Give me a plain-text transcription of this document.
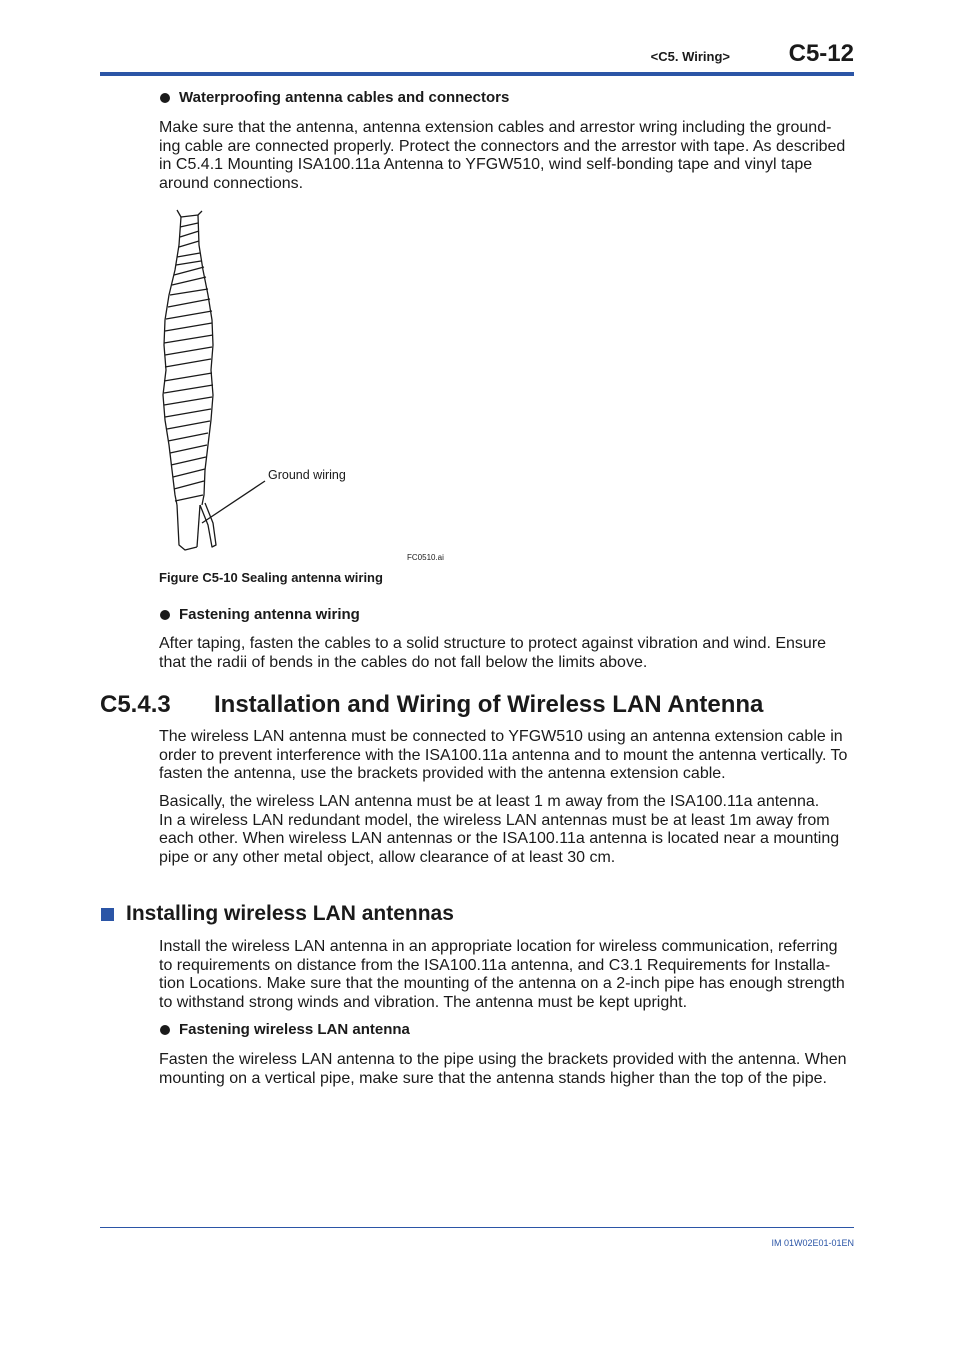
<C5. Wiring> C5-12
Waterproofing antenna cables and connectors
Make sure that the antenna, antenna extension cables and arrestor wring including the ground-
ing cable are connected properly. Protect the connectors and the arrestor with tape. As described
in C5.4.1 Mounting ISA100.11a Antenna to YFGW510, wind self-bonding tape and vinyl tape
around connections.
Ground wiring
FC0510.ai
Figure C5-10 Sealing antenna wiring
Fastening antenna wiring
After taping, fasten the cables to a solid structure to protect against vibration and wind. Ensure
that the radii of bends in the cables do not fall below the limits above.
C5.4.3 Installation and Wiring of Wireless LAN Antenna
The wireless LAN antenna must be connected to YFGW510 using an antenna extension cable in
order to prevent interference with the ISA100.11a antenna and to mount the antenna vertically. To
fasten the antenna, use the brackets provided with the antenna extension cable.
Basically, the wireless LAN antenna must be at least 1 m away from the ISA100.11a antenna.
In a wireless LAN redundant model, the wireless LAN antennas must be at least 1m away from
each other. When wireless LAN antennas or the ISA100.11a antenna is located near a mounting
pipe or any other metal object, allow clearance of at least 30 cm.
Installing wireless LAN antennas
Install the wireless LAN antenna in an appropriate location for wireless communication, referring
to requirements on distance from the ISA100.11a antenna, and C3.1 Requirements for Installa-
tion Locations. Make sure that the mounting of the antenna on a 2-inch pipe has enough strength
to withstand strong winds and vibration. The antenna must be kept upright.
Fastening wireless LAN antenna
Fasten the wireless LAN antenna to the pipe using the brackets provided with the antenna. When
mounting on a vertical pipe, make sure that the antenna stands higher than the top of the pipe.
IM 01W02E01-01EN
